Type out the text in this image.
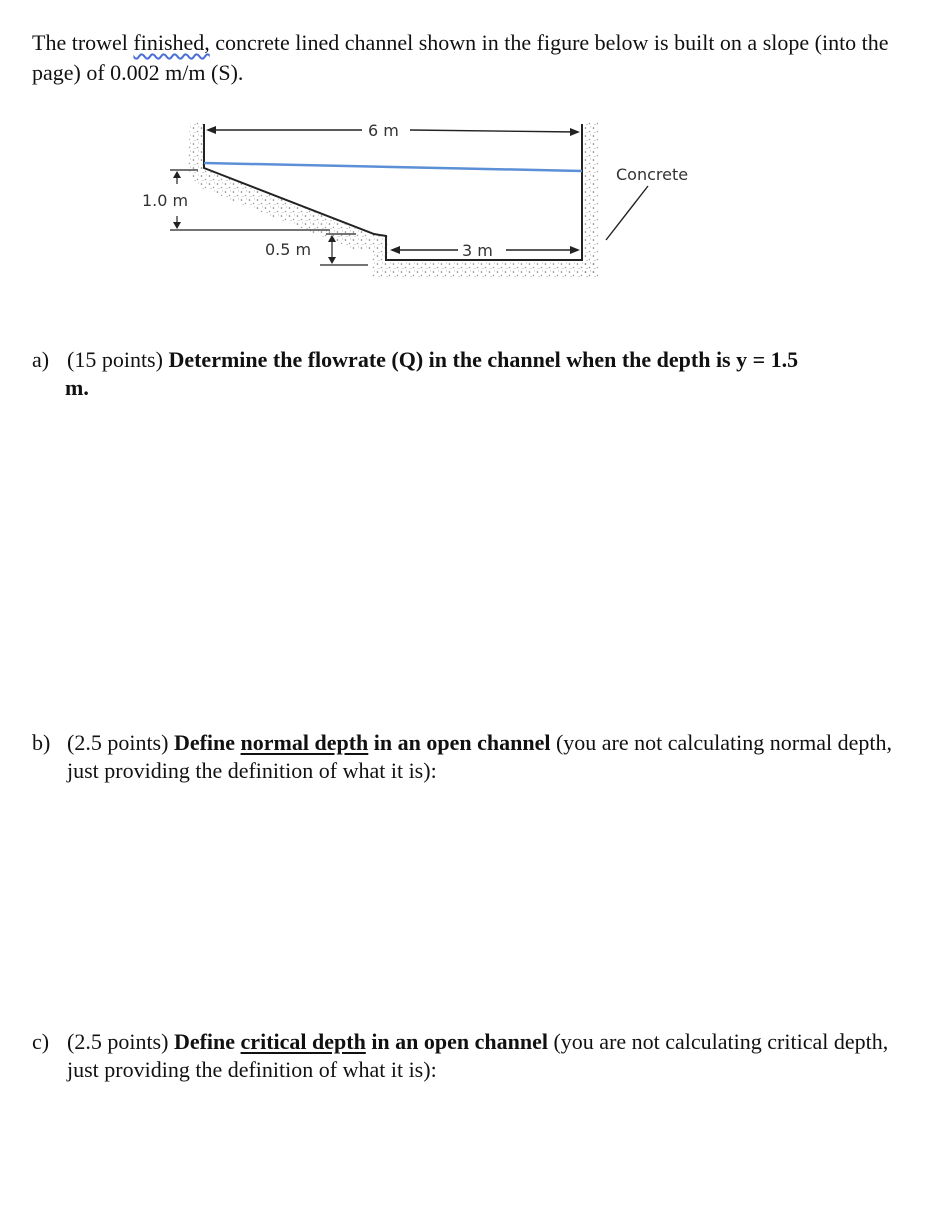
The trowel finished, concrete lined channel shown in the figure below is built on a slope (into the page) of 0.002 m/m (S).

6 m
1.0 m
0.5 m	3 m
Concrete
a) (15 points) Determine the flowrate (Q) in the channel when the depth is y = 1.5
m.
b) (2.5 points) Define normal depth in an open channel (you are not calculating normal depth, just providing the definition of what it is):
c) (2.5 points) Define critical depth in an open channel (you are not calculating critical depth, just providing the definition of what it is):
